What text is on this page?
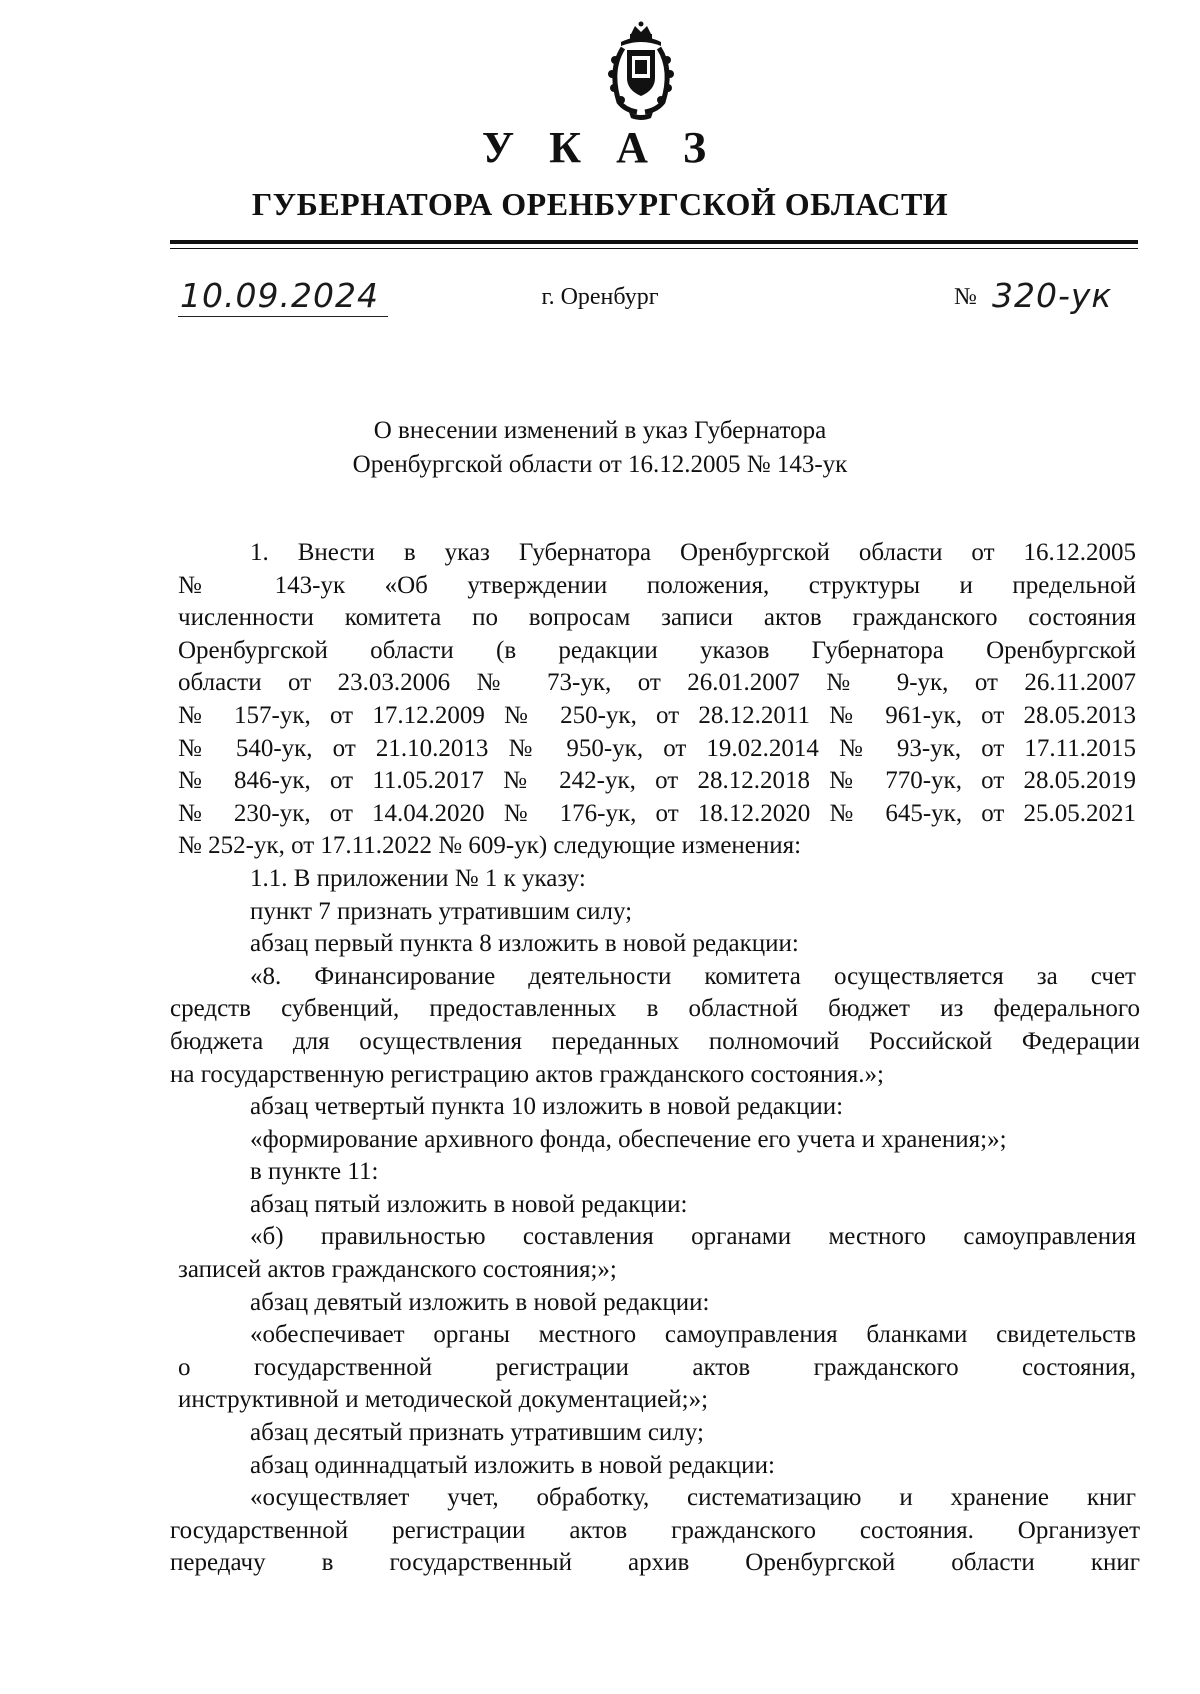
У К А З
ГУБЕРНАТОРА ОРЕНБУРГСКОЙ ОБЛАСТИ
10.09.2024	г. Оренбург	№ 320-ук
О внесении изменений в указ Губернатора
Оренбургской области от 16.12.2005 № 143-ук

1. Внести в указ Губернатора Оренбургской области от 16.12.2005

№ 143-ук «Об утверждении положения, структуры и предельной

численности комитета по вопросам записи актов гражданского состояния

Оренбургской области (в редакции указов Губернатора Оренбургской

области от 23.03.2006 № 73-ук, от 26.01.2007 № 9-ук, от 26.11.2007

№ 157-ук, от 17.12.2009 № 250-ук, от 28.12.2011 № 961-ук, от 28.05.2013

№ 540-ук, от 21.10.2013 № 950-ук, от 19.02.2014 № 93-ук, от 17.11.2015

№ 846-ук, от 11.05.2017 № 242-ук, от 28.12.2018 № 770-ук, от 28.05.2019

№ 230-ук, от 14.04.2020 № 176-ук, от 18.12.2020 № 645-ук, от 25.05.2021

№ 252-ук, от 17.11.2022 № 609-ук) следующие изменения:

1.1. В приложении № 1 к указу:

пункт 7 признать утратившим силу;

абзац первый пункта 8 изложить в новой редакции:

«8. Финансирование деятельности комитета осуществляется за счет

средств субвенций, предоставленных в областной бюджет из федерального

бюджета для осуществления переданных полномочий Российской Федерации

на государственную регистрацию актов гражданского состояния.»;

абзац четвертый пункта 10 изложить в новой редакции:

«формирование архивного фонда, обеспечение его учета и хранения;»;

в пункте 11:

абзац пятый изложить в новой редакции:

«б) правильностью составления органами местного самоуправления

записей актов гражданского состояния;»;

абзац девятый изложить в новой редакции:

«обеспечивает органы местного самоуправления бланками свидетельств

о государственной регистрации актов гражданского состояния,

инструктивной и методической документацией;»;

абзац десятый признать утратившим силу;

абзац одиннадцатый изложить в новой редакции:

«осуществляет учет, обработку, систематизацию и хранение книг

государственной регистрации актов гражданского состояния. Организует

передачу в государственный архив Оренбургской области книг
